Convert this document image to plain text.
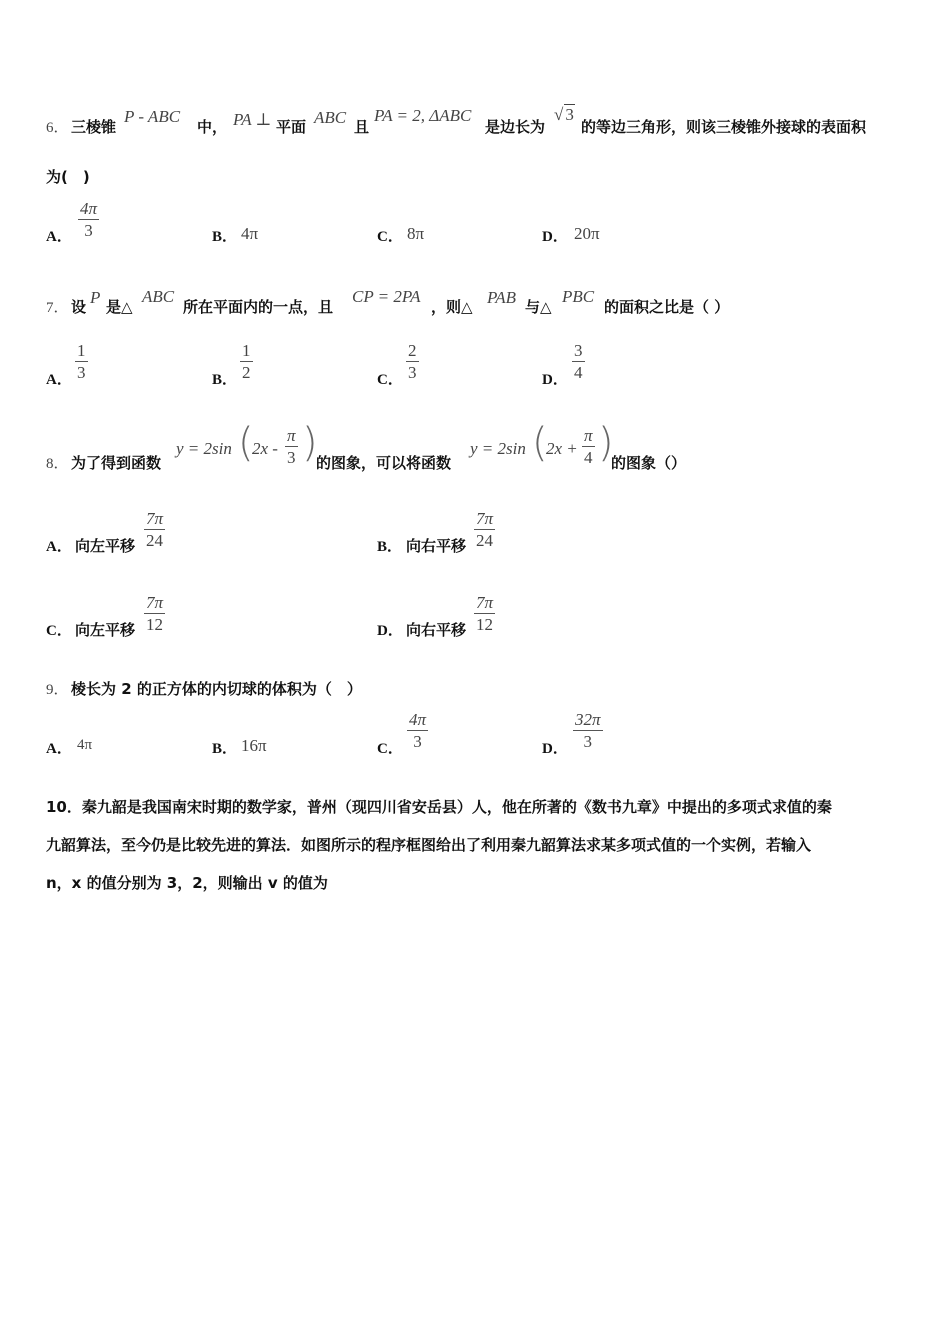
6． 三棱锥
P - ABC
中， PA ⊥ 平面 ABC 且
PA = 2, ΔABC
是边长为
√ 3
的等边三角形，则该三棱锥外接球的表面积
为(　)
A．
4π
3	B． 4π	C． 8π	D． 20π
7． 设 P 是△
ABC
所在平面内的一点，且
CP = 2PA
，则△ PAB 与△
PBC
的面积之比是（ ）
A．
1
3	B．
1
2	C．
2
3	D．
3
4
8． 为了得到函数
y = 2sin (
2x -
π
3 )
的图象，可以将函数
y = 2sin (
2x +
π
4 )
的图象（）
A． 向左平移
7π
24	B． 向右平移
7π
24
C． 向左平移
7π
12	D． 向右平移
7π
12
9． 棱长为 2 的正方体的内切球的体积为（　）
A． 4π	B． 16π	C．
4π
3	D．
32π
3
10．秦九韶是我国南宋时期的数学家，普州（现四川省安岳县）人，他在所著的《数书九章》中提出的多项式求值的秦
九韶算法，至今仍是比较先进的算法．如图所示的程序框图给出了利用秦九韶算法求某多项式值的一个实例，若输入
n，x 的值分别为 3，2，则输出 v 的值为
